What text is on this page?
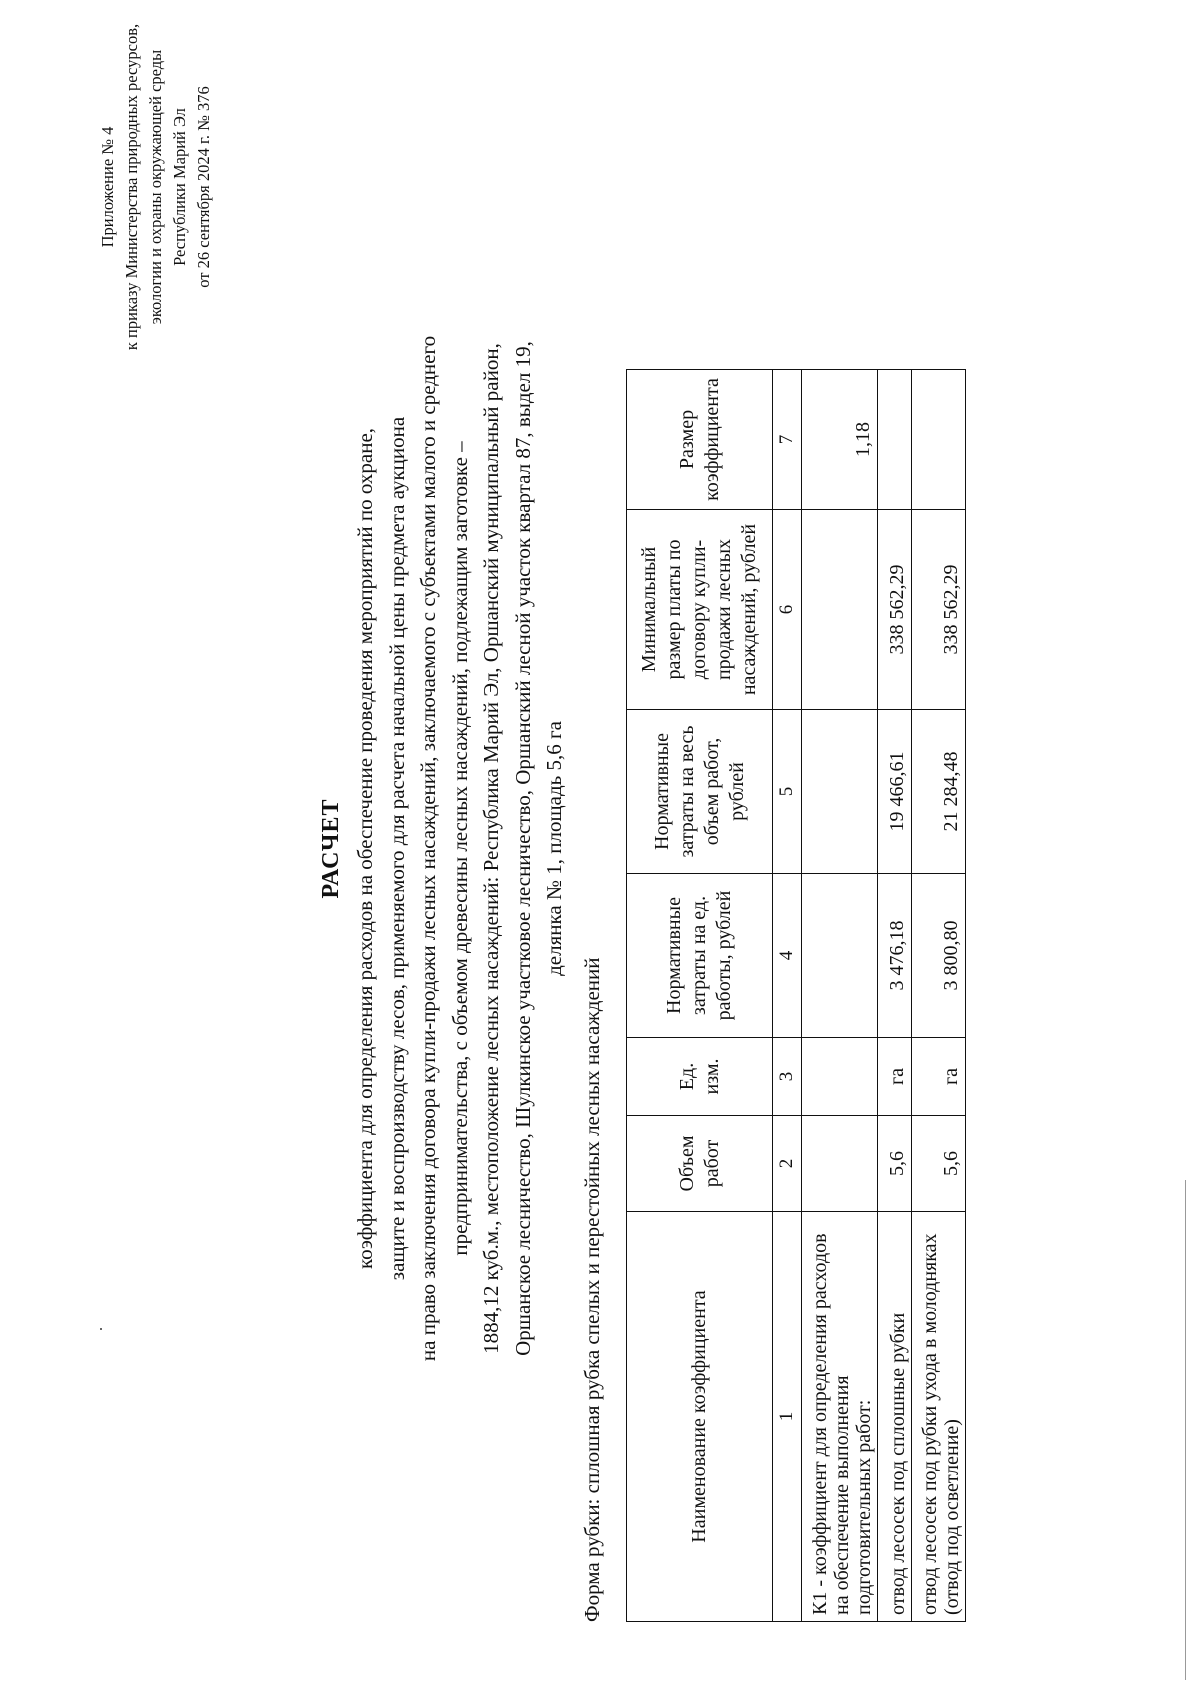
Приложение № 4 к приказу Министерства природных ресурсов, экологии и охраны окружающей среды Республики Марий Эл от 26 сентября 2024 г. № 376
РАСЧЕТ коэффициента для определения расходов на обеспечение проведения мероприятий по охране, защите и воспроизводству лесов, применяемого для расчета начальной цены предмета аукциона на право заключения договора купли-продажи лесных насаждений, заключаемого с субъектами малого и среднего предпринимательства, с объемом древесины лесных насаждений, подлежащим заготовке – 1884,12 куб.м., местоположение лесных насаждений: Республика Марий Эл, Оршанский муниципальный район, Оршанское лесничество, Шулкинское участковое лесничество, Оршанский лесной участок квартал 87, выдел 19, делянка № 1, площадь 5,6 га
Форма рубки: сплошная рубка спелых и перестойных лесных насаждений	Наименование коэффициента	Объем работ	Ед. изм.	Нормативные затраты на ед. работы, рублей	Нормативные затраты на весь объем работ, рублей	Минимальный размер платы по договору купли-продажи лесных насаждений, рублей	Размер коэффициента
1	2	3	4	5	6	7
К1 - коэффициент для определения расходов на обеспечение выполнения подготовительных работ:						1,18
отвод лесосек под сплошные рубки	5,6	га	3 476,18	19 466,61	338 562,29	
отвод лесосек под рубки ухода в молодняках (отвод под осветление)	5,6	га	3 800,80	21 284,48	338 562,29	
